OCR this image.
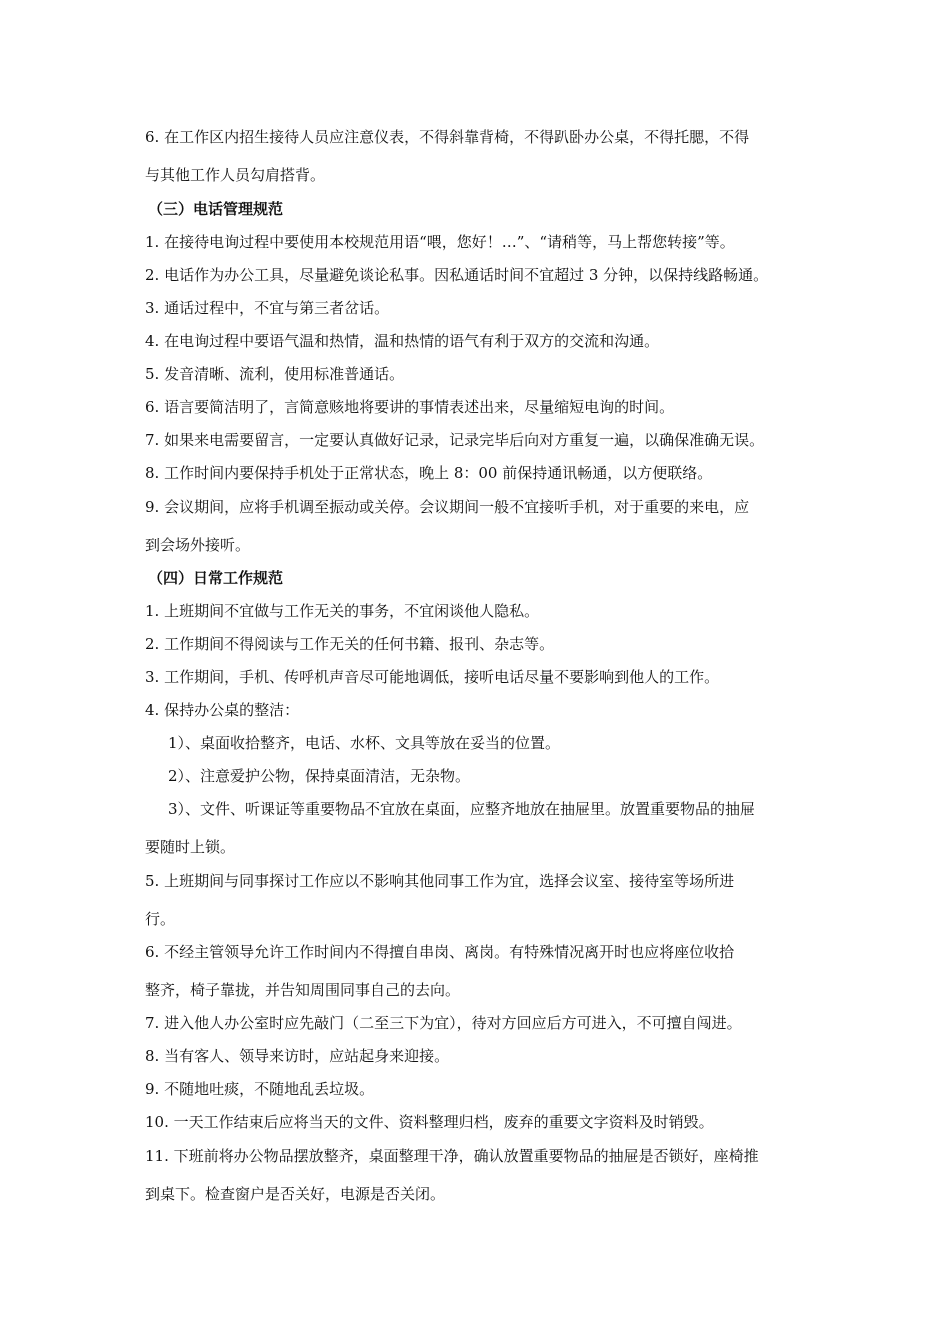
6. 在工作区内招生接待人员应注意仪表，不得斜靠背椅，不得趴卧办公桌，不得托腮，不得
与其他工作人员勾肩搭背。
（三）电话管理规范
1. 在接待电询过程中要使用本校规范用语“喂，您好！…”、“请稍等，马上帮您转接”等。
2. 电话作为办公工具，尽量避免谈论私事。因私通话时间不宜超过 3 分钟，以保持线路畅通。
3. 通话过程中，不宜与第三者岔话。
4. 在电询过程中要语气温和热情，温和热情的语气有利于双方的交流和沟通。
5. 发音清晰、流利，使用标准普通话。
6. 语言要简洁明了，言简意赅地将要讲的事情表述出来，尽量缩短电询的时间。
7. 如果来电需要留言，一定要认真做好记录，记录完毕后向对方重复一遍，以确保准确无误。
8. 工作时间内要保持手机处于正常状态，晚上 8：00 前保持通讯畅通，以方便联络。
9. 会议期间，应将手机调至振动或关停。会议期间一般不宜接听手机，对于重要的来电，应
到会场外接听。
（四）日常工作规范
1. 上班期间不宜做与工作无关的事务，不宜闲谈他人隐私。
2. 工作期间不得阅读与工作无关的任何书籍、报刊、杂志等。
3. 工作期间，手机、传呼机声音尽可能地调低，接听电话尽量不要影响到他人的工作。
4. 保持办公桌的整洁：
1）、桌面收拾整齐，电话、水杯、文具等放在妥当的位置。
2）、注意爱护公物，保持桌面清洁，无杂物。
3）、文件、听课证等重要物品不宜放在桌面，应整齐地放在抽屉里。放置重要物品的抽屉
要随时上锁。
5. 上班期间与同事探讨工作应以不影响其他同事工作为宜，选择会议室、接待室等场所进
行。
6. 不经主管领导允许工作时间内不得擅自串岗、离岗。有特殊情况离开时也应将座位收拾
整齐，椅子靠拢，并告知周围同事自己的去向。
7. 进入他人办公室时应先敲门（二至三下为宜），待对方回应后方可进入，不可擅自闯进。
8. 当有客人、领导来访时，应站起身来迎接。
9. 不随地吐痰，不随地乱丢垃圾。
10. 一天工作结束后应将当天的文件、资料整理归档，废弃的重要文字资料及时销毁。
11. 下班前将办公物品摆放整齐，桌面整理干净，确认放置重要物品的抽屉是否锁好，座椅推
到桌下。检查窗户是否关好，电源是否关闭。
